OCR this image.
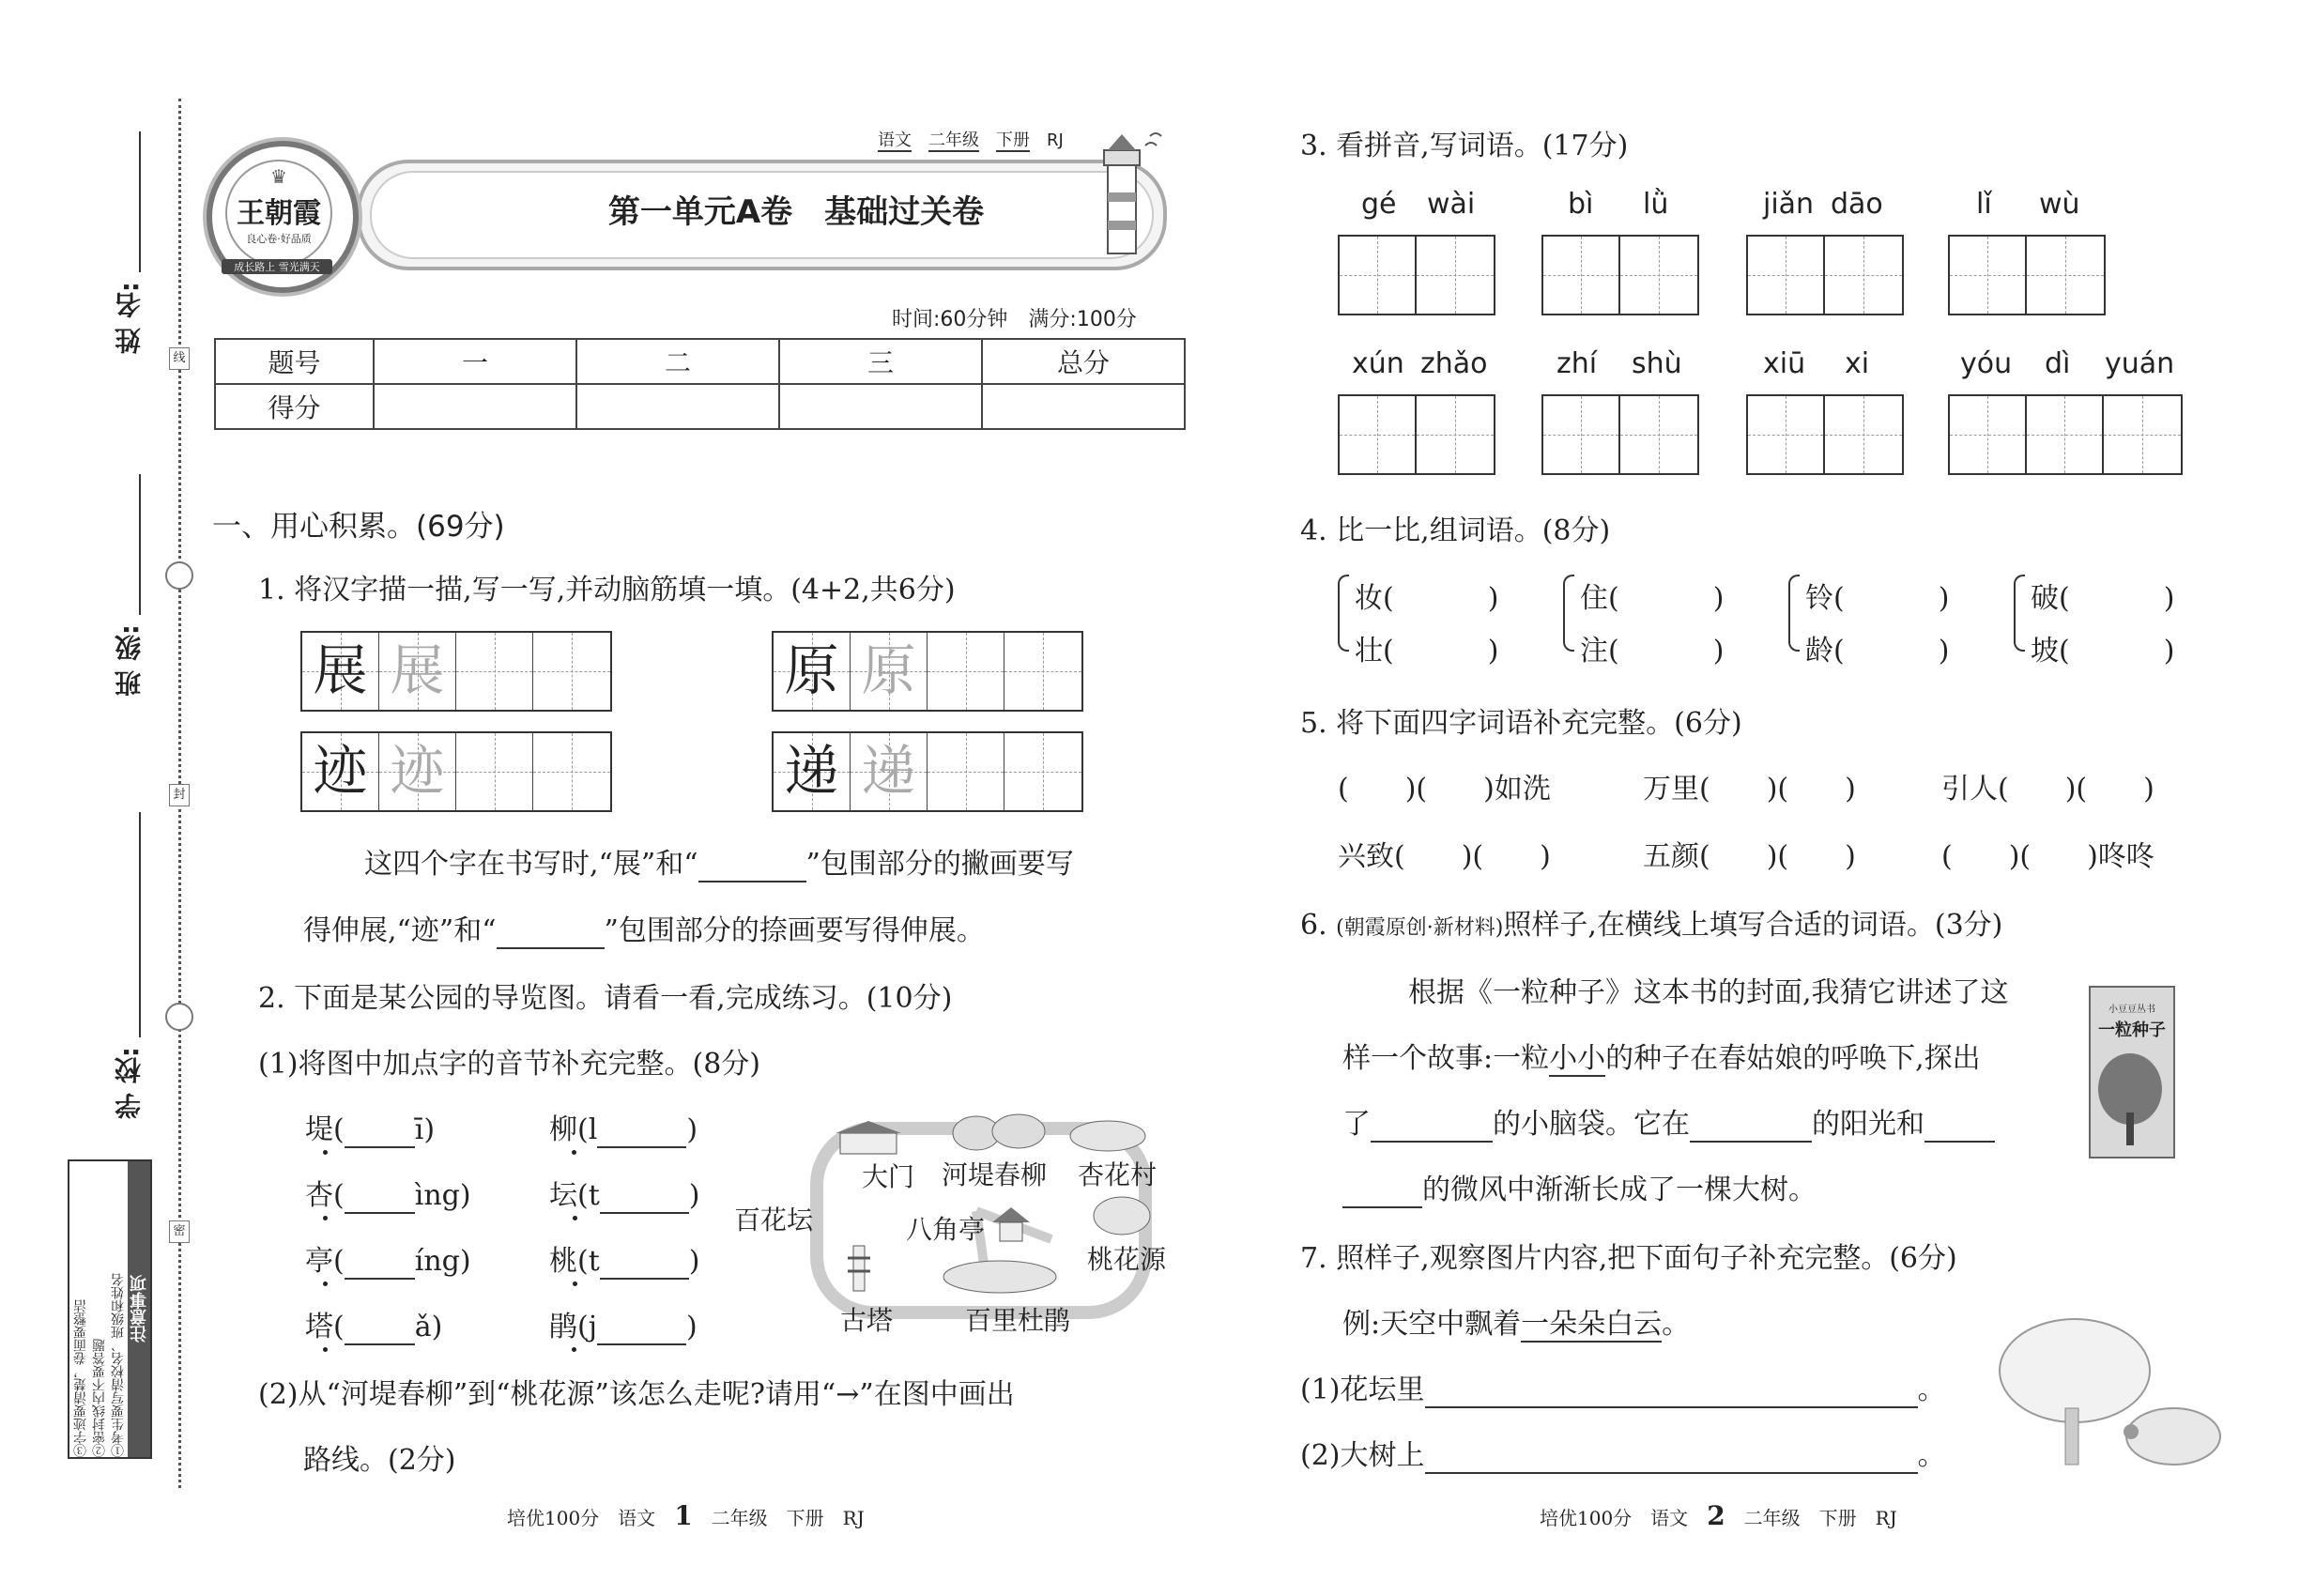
姓 名:
班 级:
学 校:
线
封
密
注意事项
①考生要写清校名、班级和姓名
②密封线内不要答题
③字迹要清楚，卷面要整洁
第一单元A卷　基础过关卷
语文　 二年级　 下册　 RJ
♛
王朝霞
良心卷·好品质
成长路上 雪光满天
时间:60分钟　满分:100分
题号	一	二	三	总分
得分				
一、用心积累。(69分)
1. 将汉字描一描,写一写,并动脑筋填一填。(4+2,共6分)
展 展	原 原
迹 迹	递 递
这四个字在书写时,“展”和“	”包围部分的撇画要写
得伸展,“迹”和“	”包围部分的捺画要写得伸展。
2. 下面是某公园的导览图。请看一看,完成练习。(10分)
(1)将图中加点字的音节补充完整。(8分)
堤(	ī)	柳(l	)
杏(	ìng)	坛(t	)
亭(	íng)	桃(t	)
塔(	ǎ)	鹃(j	)
大门 河堤春柳 杏花村
百花坛	八角亭
桃花源
古塔	百里杜鹃
(2)从“河堤春柳”到“桃花源”该怎么走呢?请用“→”在图中画出
路线。(2分)
3. 看拼音,写词语。(17分)
gé wài	bì lǜ	jiǎn dāo	lǐ wù
xún zhǎo zhí shù	xiū xi	yóu dì yuán
4. 比一比,组词语。(8分)
妆(	)
壮(	)
住(	)
注(	)
铃(	)
龄(	)
破(	)
坡(	)
5. 将下面四字词语补充完整。(6分)
(　　)(　　)如洗	万里(　　)(　　)	引人(　　)(　　)
兴致(　　)(　　)	五颜(　　)(　　)	(　　)(　　)咚咚
6. (朝霞原创·新材料)照样子,在横线上填写合适的词语。(3分)
根据《一粒种子》这本书的封面,我猜它讲述了这
样一个故事:一粒小小的种子在春姑娘的呼唤下,探出
了	的小脑袋。它在	的阳光和
的微风中渐渐长成了一棵大树。
小豆豆丛书
一粒种子
7. 照样子,观察图片内容,把下面句子补充完整。(6分)
例:天空中飘着一朵朵白云。
(1)花坛里	。
(2)大树上	。
培优100分　语文　 1　 二年级　下册　RJ	培优100分　语文　 2　 二年级　下册　RJ
